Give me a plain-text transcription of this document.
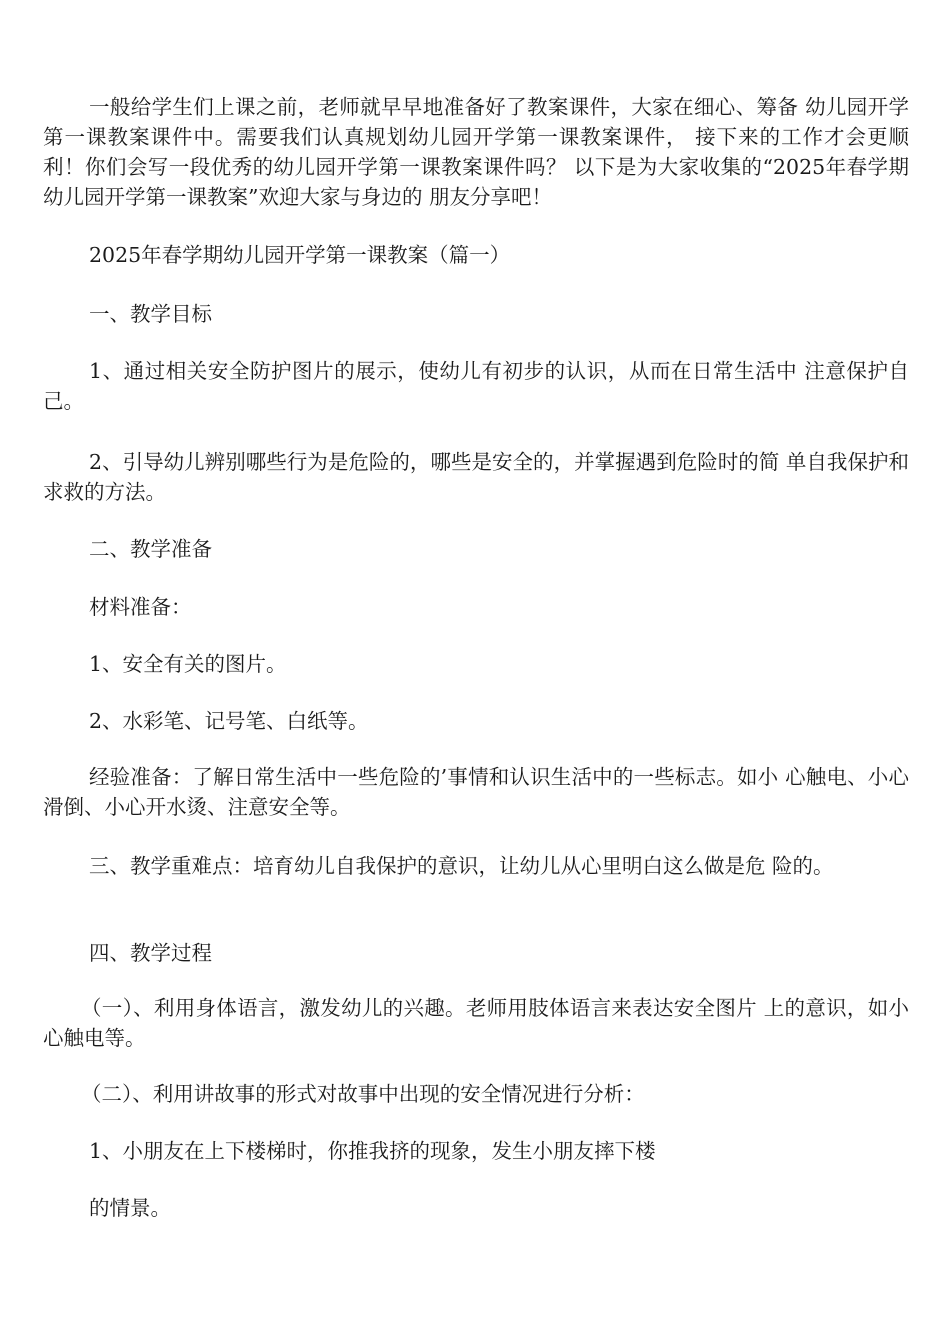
一般给学生们上课之前，老师就早早地准备好了教案课件，大家在细心、筹备 幼儿园开学第一课教案课件中。需要我们认真规划幼儿园开学第一课教案课件， 接下来的工作才会更顺利！你们会写一段优秀的幼儿园开学第一课教案课件吗？ 以下是为大家收集的“2025年春学期幼儿园开学第一课教案”欢迎大家与身边的 朋友分享吧！

2025年春学期幼儿园开学第一课教案（篇一）

一、教学目标

1、通过相关安全防护图片的展示，使幼儿有初步的认识，从而在日常生活中 注意保护自己。

2、引导幼儿辨别哪些行为是危险的，哪些是安全的，并掌握遇到危险时的简 单自我保护和求救的方法。

二、教学准备

材料准备：

1、安全有关的图片。

2、水彩笔、记号笔、白纸等。

经验准备：了解日常生活中一些危险的’事情和认识生活中的一些标志。如小 心触电、小心滑倒、小心开水烫、注意安全等。

三、教学重难点：培育幼儿自我保护的意识，让幼儿从心里明白这么做是危 险的。

四、教学过程

（一）、利用身体语言，激发幼儿的兴趣。老师用肢体语言来表达安全图片 上的意识，如小心触电等。

（二）、利用讲故事的形式对故事中出现的安全情况进行分析：

1、小朋友在上下楼梯时，你推我挤的现象，发生小朋友摔下楼

的情景。
